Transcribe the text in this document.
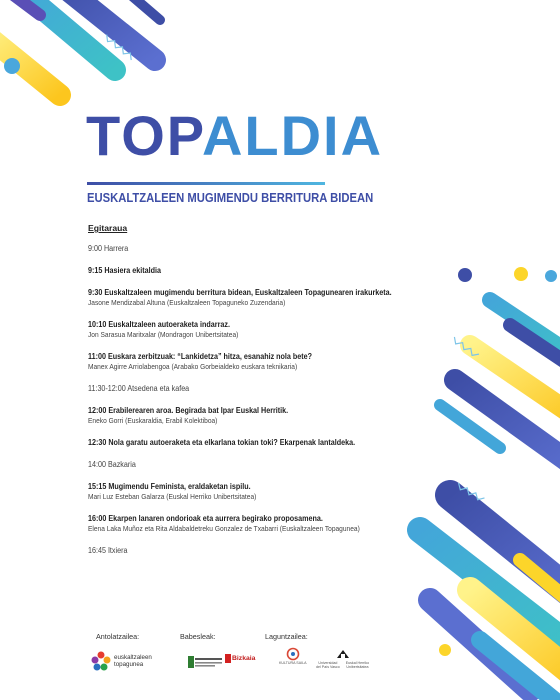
TOPALDIA
EUSKALTZALEEN MUGIMENDU BERRITURA BIDEAN
Egitaraua
9:00 Harrera
9:15 Hasiera ekitaldia
9:30 Euskaltzaleen mugimendu berritura bidean, Euskaltzaleen Topagunearen irakurketa.
Jasone Mendizabal Altuna (Euskaltzaleen Topaguneko Zuzendaria)
10:10 Euskaltzaleen autoeraketa indarraz.
Jon Sarasua Maritxalar (Mondragon Unibertsitatea)
11:00 Euskara zerbitzuak: “Lankidetza” hitza, esanahiz nola bete?
Manex Agirre Arriolabengoa (Arabako Gorbeialdeko euskara teknikaria)
11:30-12:00 Atsedena eta kafea
12:00 Erabilerearen aroa. Begirada bat Ipar Euskal Herritik.
Eneko Gorri (Euskaraldia, Erabil Kolektiboa)
12:30 Nola garatu autoeraketa eta elkarlana tokian toki? Ekarpenak lantaldeka.
14:00 Bazkaria
15:15 Mugimendu Feminista, eraldaketan ispilu.
Mari Luz Esteban Galarza (Euskal Herriko Unibertsitatea)
16:00 Ekarpen lanaren ondorioak eta aurrera begirako proposamena.
Elena Laka Muñoz eta Rita Aldabaldetreku Gonzalez de Txabarri (Euskaltzaleen Topagunea)
16:45 Itxiera
Antolatzailea:	Babesleak:	Laguntzailea:
euskaltzaleen
topagunea
Bizkaia
KULTURA SAILA	Universidad
del País Vasco
Euskal Herriko
Unibertsitatea
